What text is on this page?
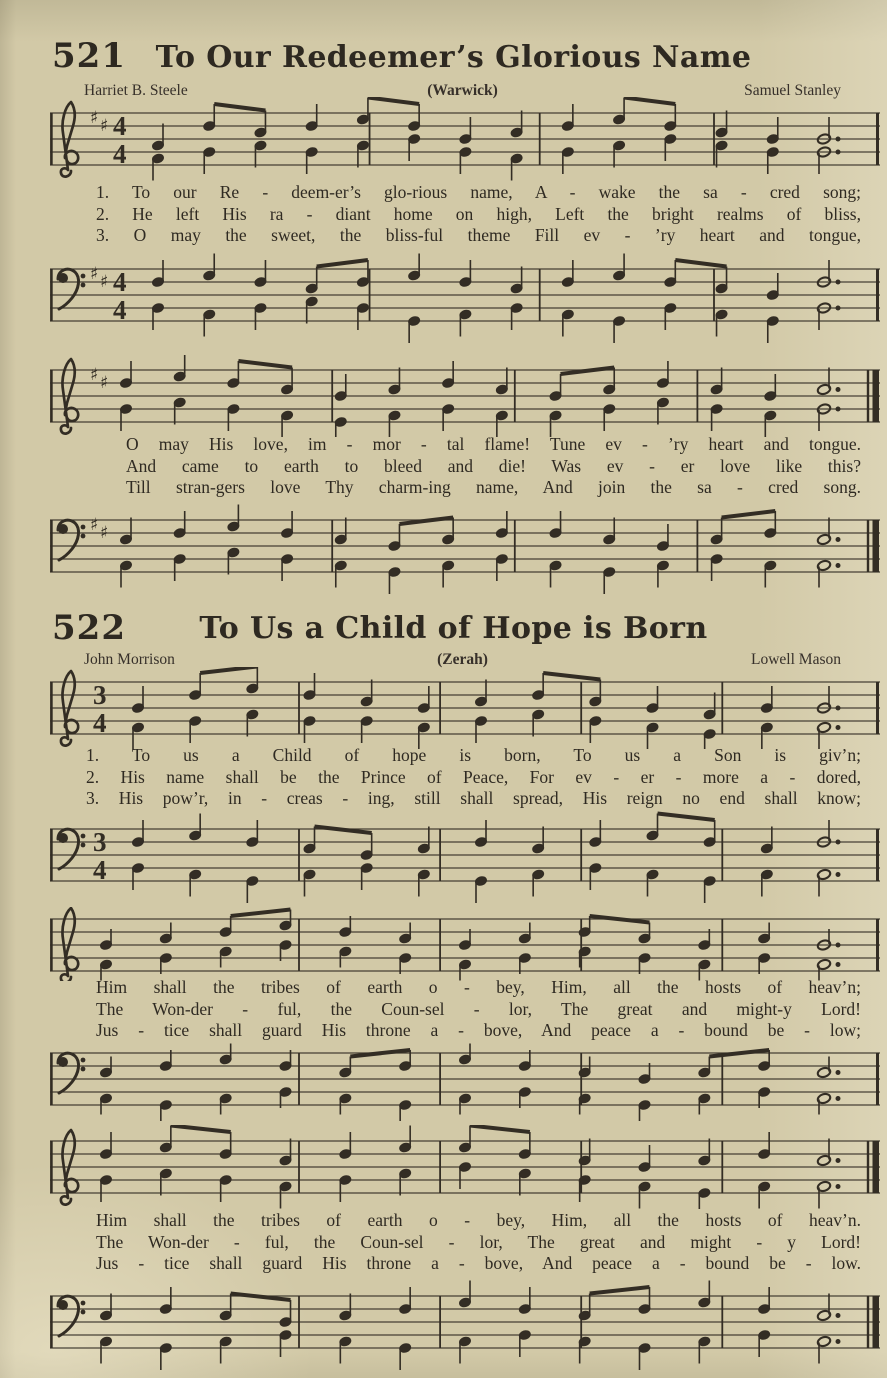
521 To Our Redeemer’s Glorious Name
Harriet B. Steele	(Warwick)	Samuel Stanley
♯ ♯ 4
4
1. To our Re - deem-er’s glo-rious name, A - wake the sa - cred song;
2. He left His ra - diant home on high, Left the bright realms of bliss,
3. O may the sweet, the bliss-ful theme Fill ev - ’ry heart and tongue,
♯ ♯ 4
4
♯ ♯
O may His love, im - mor - tal flame! Tune ev - ’ry heart and tongue.
And came to earth to bleed and die! Was ev - er love like this?
Till stran-gers love Thy charm-ing name, And join the sa - cred song.
♯ ♯
522	To Us a Child of Hope is Born
John Morrison	(Zerah)	Lowell Mason
3
4
1. To us a Child of hope is born, To us a Son is giv’n;
2. His name shall be the Prince of Peace, For ev - er - more a - dored,
3. His pow’r, in - creas - ing, still shall spread, His reign no end shall know;
3
4
Him shall the tribes of earth o - bey, Him, all the hosts of heav’n;
The Won-der - ful, the Coun-sel - lor, The great and might-y Lord!
Jus - tice shall guard His throne a - bove, And peace a - bound be - low;
Him shall the tribes of earth o - bey, Him, all the hosts of heav’n.
The Won-der - ful, the Coun-sel - lor, The great and might - y Lord!
Jus - tice shall guard His throne a - bove, And peace a - bound be - low.
